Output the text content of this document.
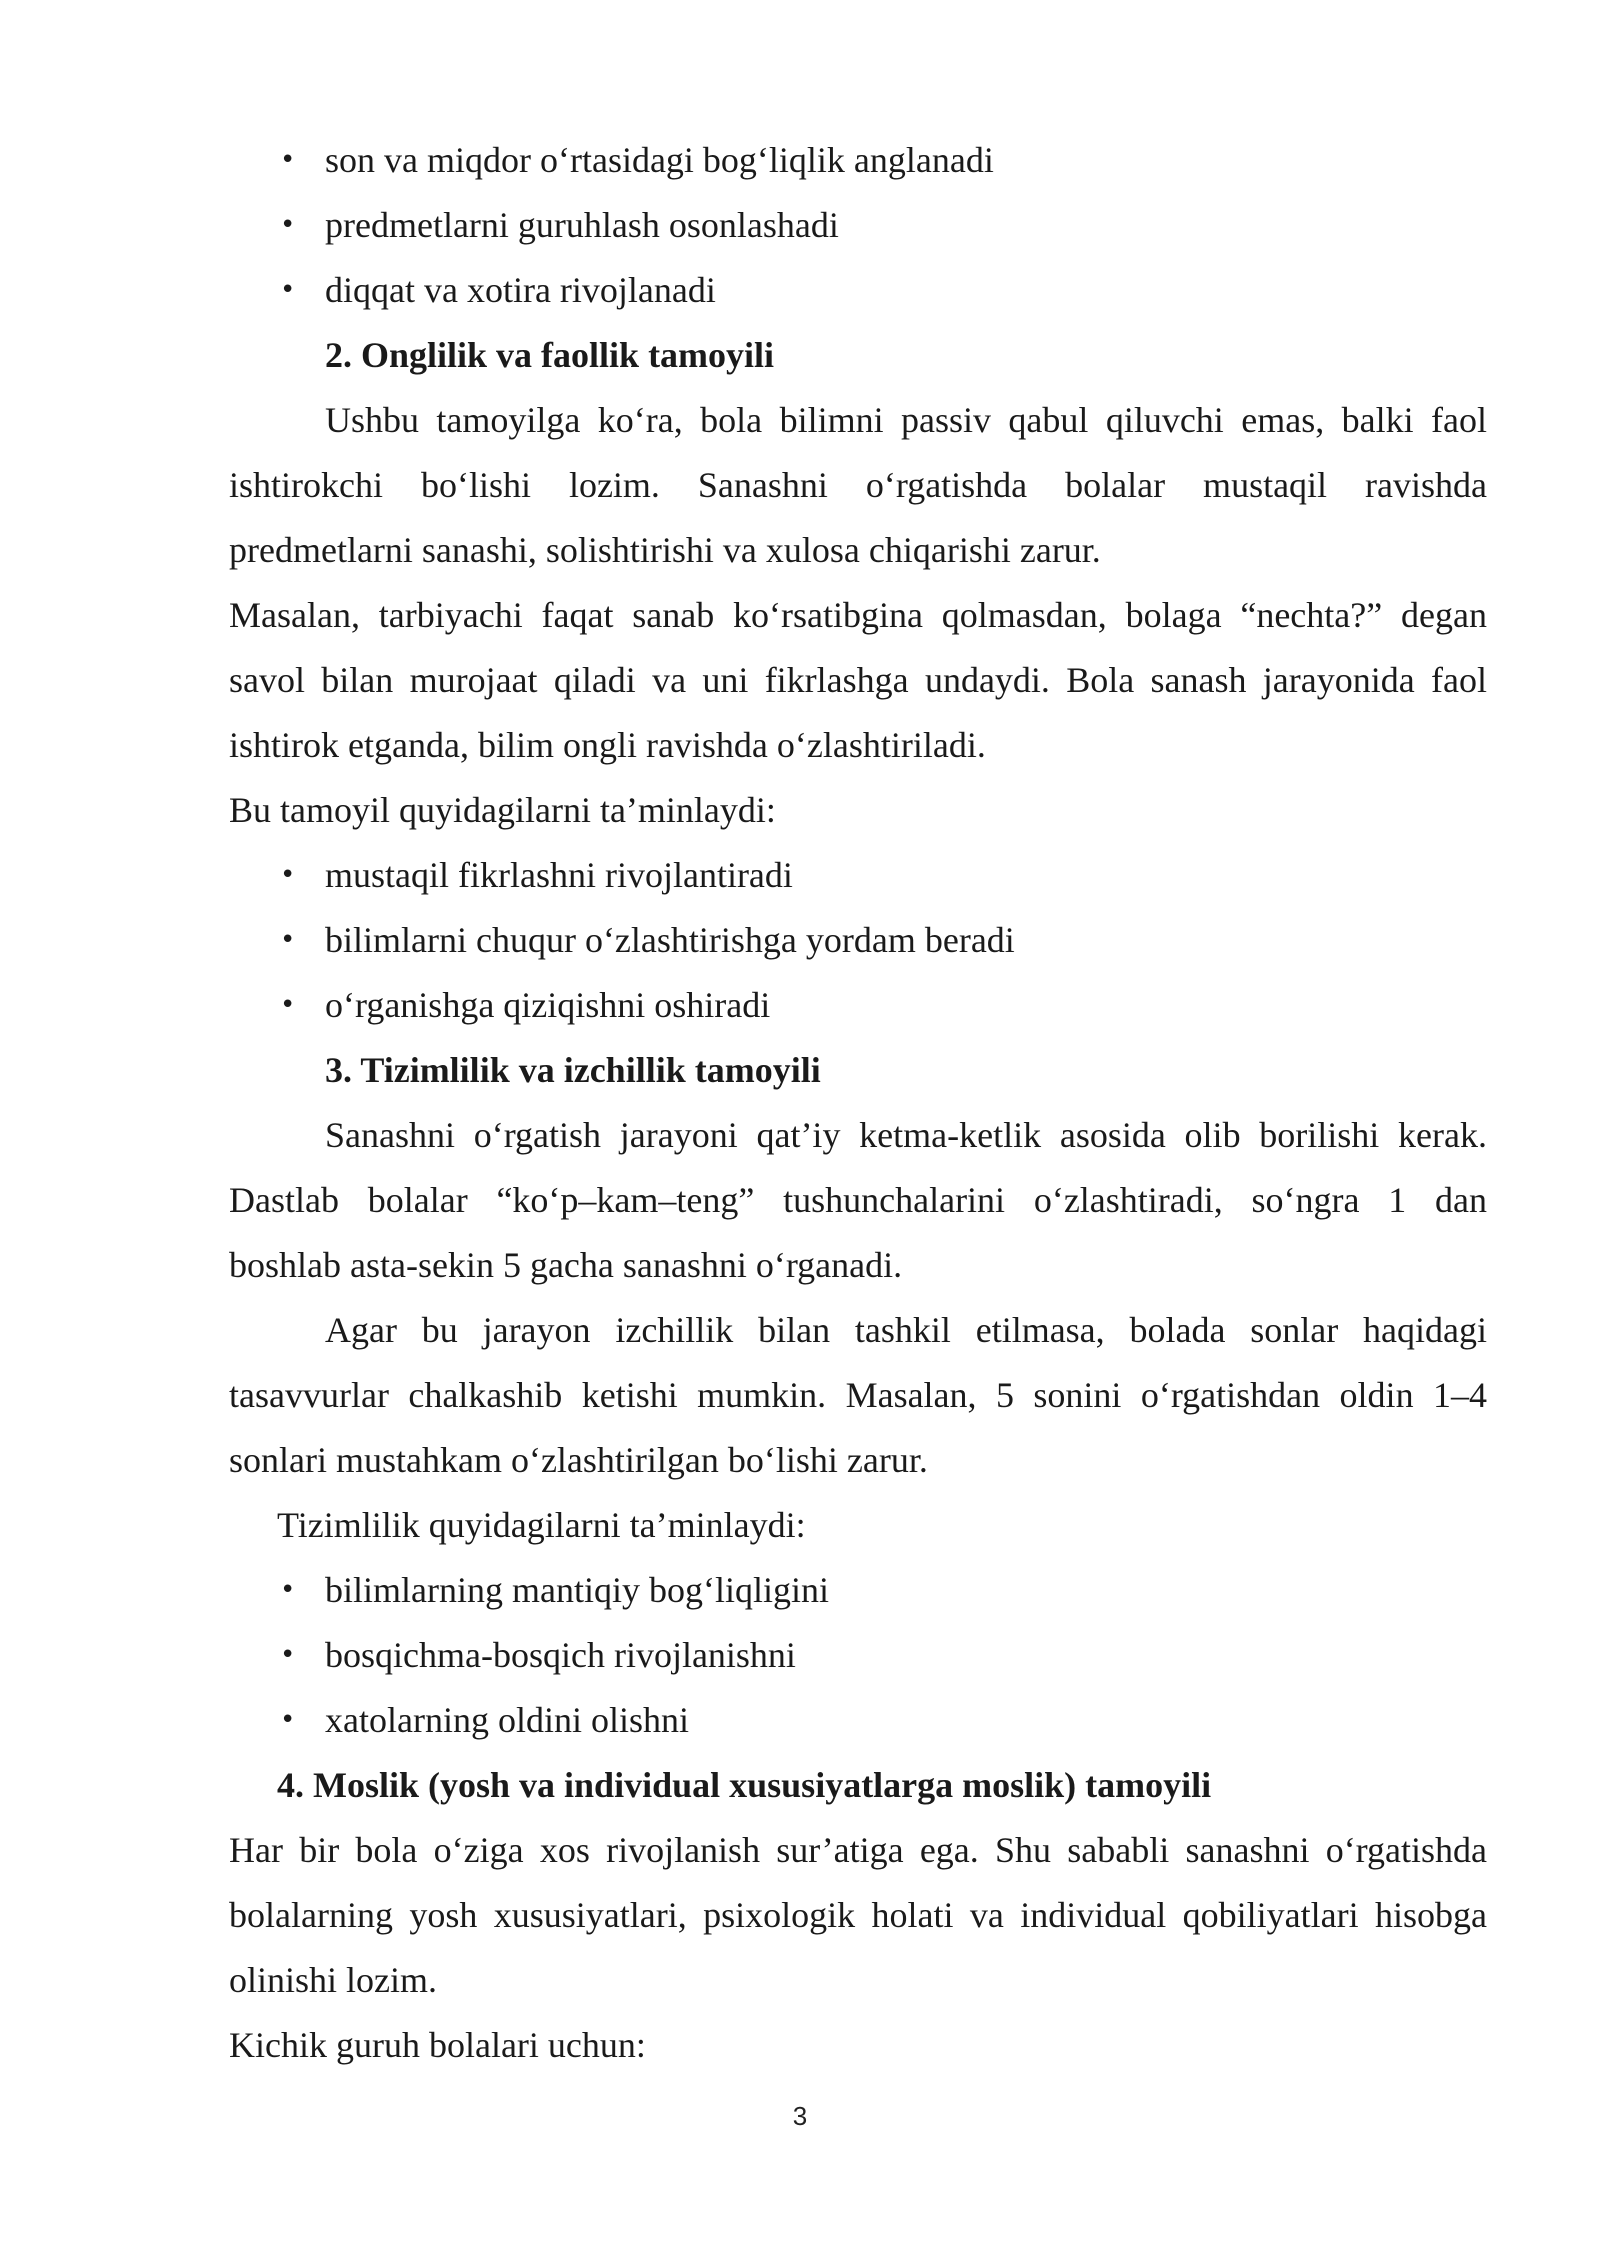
• son va miqdor o‘rtasidagi bog‘liqlik anglanadi
• predmetlarni guruhlash osonlashadi
• diqqat va xotira rivojlanadi
2. Onglilik va faollik tamoyili
Ushbu tamoyilga ko‘ra, bola bilimni passiv qabul qiluvchi emas, balki faol
ishtirokchi bo‘lishi lozim. Sanashni o‘rgatishda bolalar mustaqil ravishda
predmetlarni sanashi, solishtirishi va xulosa chiqarishi zarur.
Masalan, tarbiyachi faqat sanab ko‘rsatibgina qolmasdan, bolaga “nechta?” degan
savol bilan murojaat qiladi va uni fikrlashga undaydi. Bola sanash jarayonida faol
ishtirok etganda, bilim ongli ravishda o‘zlashtiriladi.
Bu tamoyil quyidagilarni ta’minlaydi:
• mustaqil fikrlashni rivojlantiradi
• bilimlarni chuqur o‘zlashtirishga yordam beradi
• o‘rganishga qiziqishni oshiradi
3. Tizimlilik va izchillik tamoyili
Sanashni o‘rgatish jarayoni qat’iy ketma-ketlik asosida olib borilishi kerak.
Dastlab bolalar “ko‘p–kam–teng” tushunchalarini o‘zlashtiradi, so‘ngra 1 dan
boshlab asta-sekin 5 gacha sanashni o‘rganadi.
Agar bu jarayon izchillik bilan tashkil etilmasa, bolada sonlar haqidagi
tasavvurlar chalkashib ketishi mumkin. Masalan, 5 sonini o‘rgatishdan oldin 1–4
sonlari mustahkam o‘zlashtirilgan bo‘lishi zarur.
Tizimlilik quyidagilarni ta’minlaydi:
• bilimlarning mantiqiy bog‘liqligini
• bosqichma-bosqich rivojlanishni
• xatolarning oldini olishni
4. Moslik (yosh va individual xususiyatlarga moslik) tamoyili
Har bir bola o‘ziga xos rivojlanish sur’atiga ega. Shu sababli sanashni o‘rgatishda
bolalarning yosh xususiyatlari, psixologik holati va individual qobiliyatlari hisobga
olinishi lozim.
Kichik guruh bolalari uchun:
3
